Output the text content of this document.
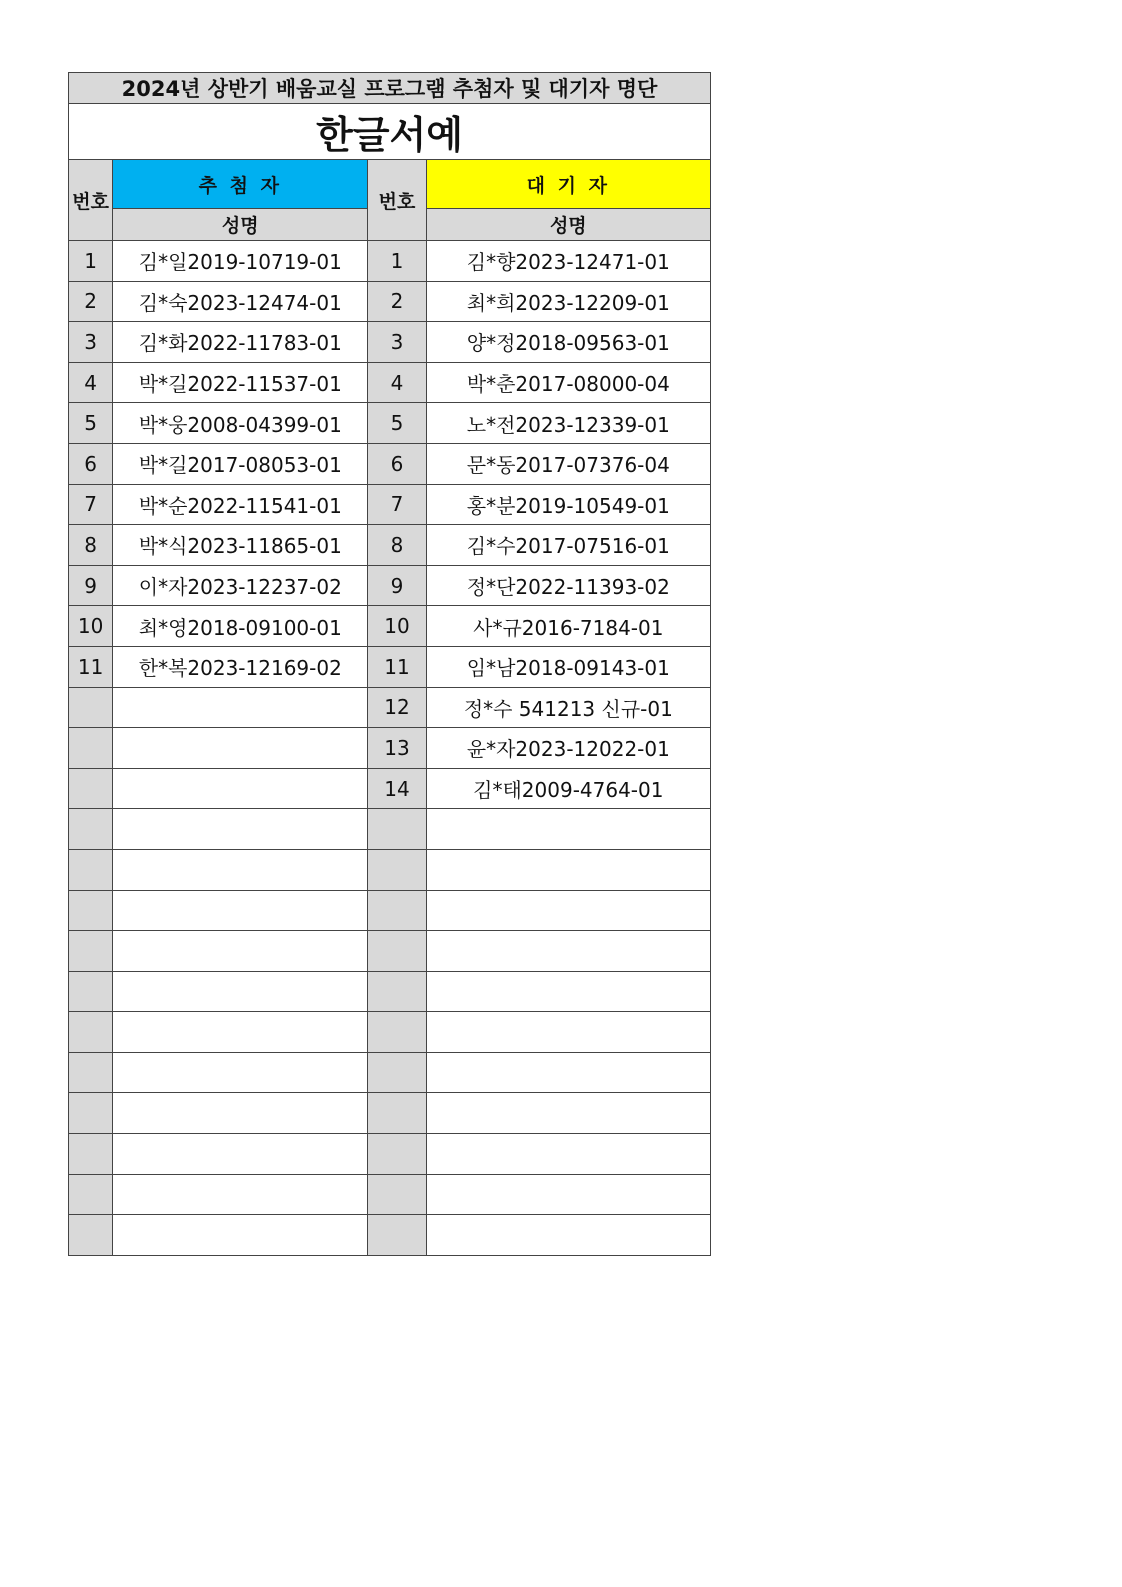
2024년 상반기 배움교실 프로그램 추첨자 및 대기자 명단			
한글서예			
번호	추 첨 자	번호	대 기 자
	성명		성명
1	김*일2019-10719-01	1	김*향2023-12471-01
2	김*숙2023-12474-01	2	최*희2023-12209-01
3	김*화2022-11783-01	3	양*정2018-09563-01
4	박*길2022-11537-01	4	박*춘2017-08000-04
5	박*웅2008-04399-01	5	노*전2023-12339-01
6	박*길2017-08053-01	6	문*동2017-07376-04
7	박*순2022-11541-01	7	홍*분2019-10549-01
8	박*식2023-11865-01	8	김*수2017-07516-01
9	이*자2023-12237-02	9	정*단2022-11393-02
10	최*영2018-09100-01	10	사*규2016-7184-01
11	한*복2023-12169-02	11	임*남2018-09143-01
		12	정*수 541213 신규-01
		13	윤*자2023-12022-01
		14	김*태2009-4764-01
